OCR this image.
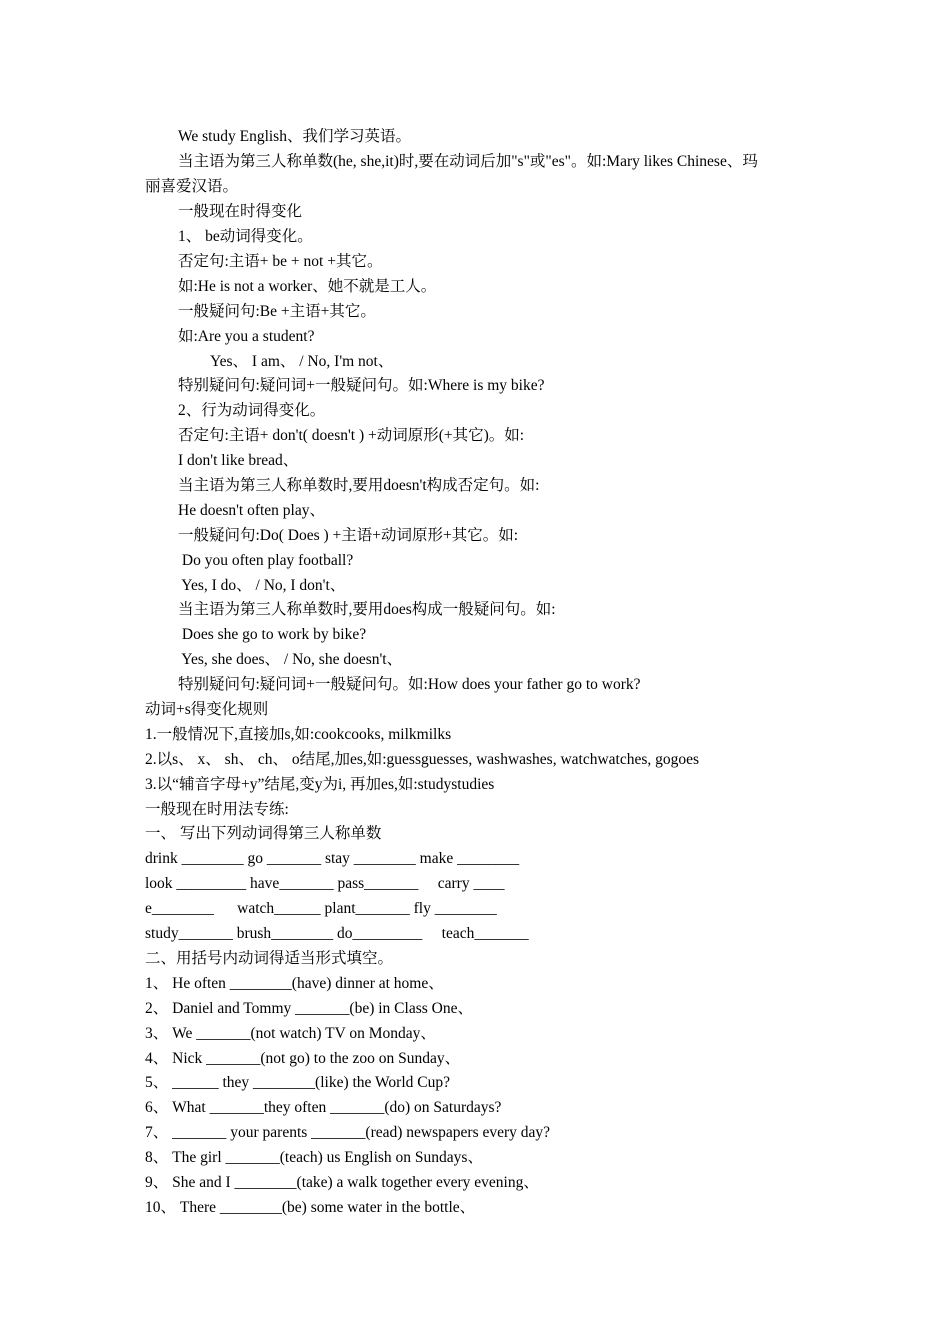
We study English、我们学习英语。
当主语为第三人称单数(he, she,it)时,要在动词后加"s"或"es"。如:Mary likes Chinese、玛
丽喜爱汉语。
一般现在时得变化
1、 be动词得变化。
否定句:主语+ be + not +其它。
如:He is not a worker、她不就是工人。
一般疑问句:Be +主语+其它。
如:Are you a student?
Yes、 I am、 / No, I'm not、
特别疑问句:疑问词+一般疑问句。如:Where is my bike?
2、行为动词得变化。
否定句:主语+ don't( doesn't ) +动词原形(+其它)。如:
I don't like bread、
当主语为第三人称单数时,要用doesn't构成否定句。如:
He doesn't often play、
一般疑问句:Do( Does ) +主语+动词原形+其它。如:
Do you often play football?
Yes, I do、 / No, I don't、
当主语为第三人称单数时,要用does构成一般疑问句。如:
Does she go to work by bike?
Yes, she does、 / No, she doesn't、
特别疑问句:疑问词+一般疑问句。如:How does your father go to work?
动词+s得变化规则
1.一般情况下,直接加s,如:cookcooks, milkmilks
2.以s、 x、 sh、 ch、 o结尾,加es,如:guessguesses, washwashes, watchwatches, gogoes
3.以“辅音字母+y”结尾,变y为i, 再加es,如:studystudies
一般现在时用法专练:
一、 写出下列动词得第三人称单数
drink ________ go _______ stay ________ make ________
look _________ have_______ pass_______     carry ____
e________      watch______ plant_______ fly ________
study_______ brush________ do_________     teach_______
二、用括号内动词得适当形式填空。
1、 He often ________(have) dinner at home、
2、 Daniel and Tommy _______(be) in Class One、
3、 We _______(not watch) TV on Monday、
4、 Nick _______(not go) to the zoo on Sunday、
5、 ______ they ________(like) the World Cup?
6、 What _______they often _______(do) on Saturdays?
7、 _______ your parents _______(read) newspapers every day?
8、 The girl _______(teach) us English on Sundays、
9、 She and I ________(take) a walk together every evening、
10、 There ________(be) some water in the bottle、
